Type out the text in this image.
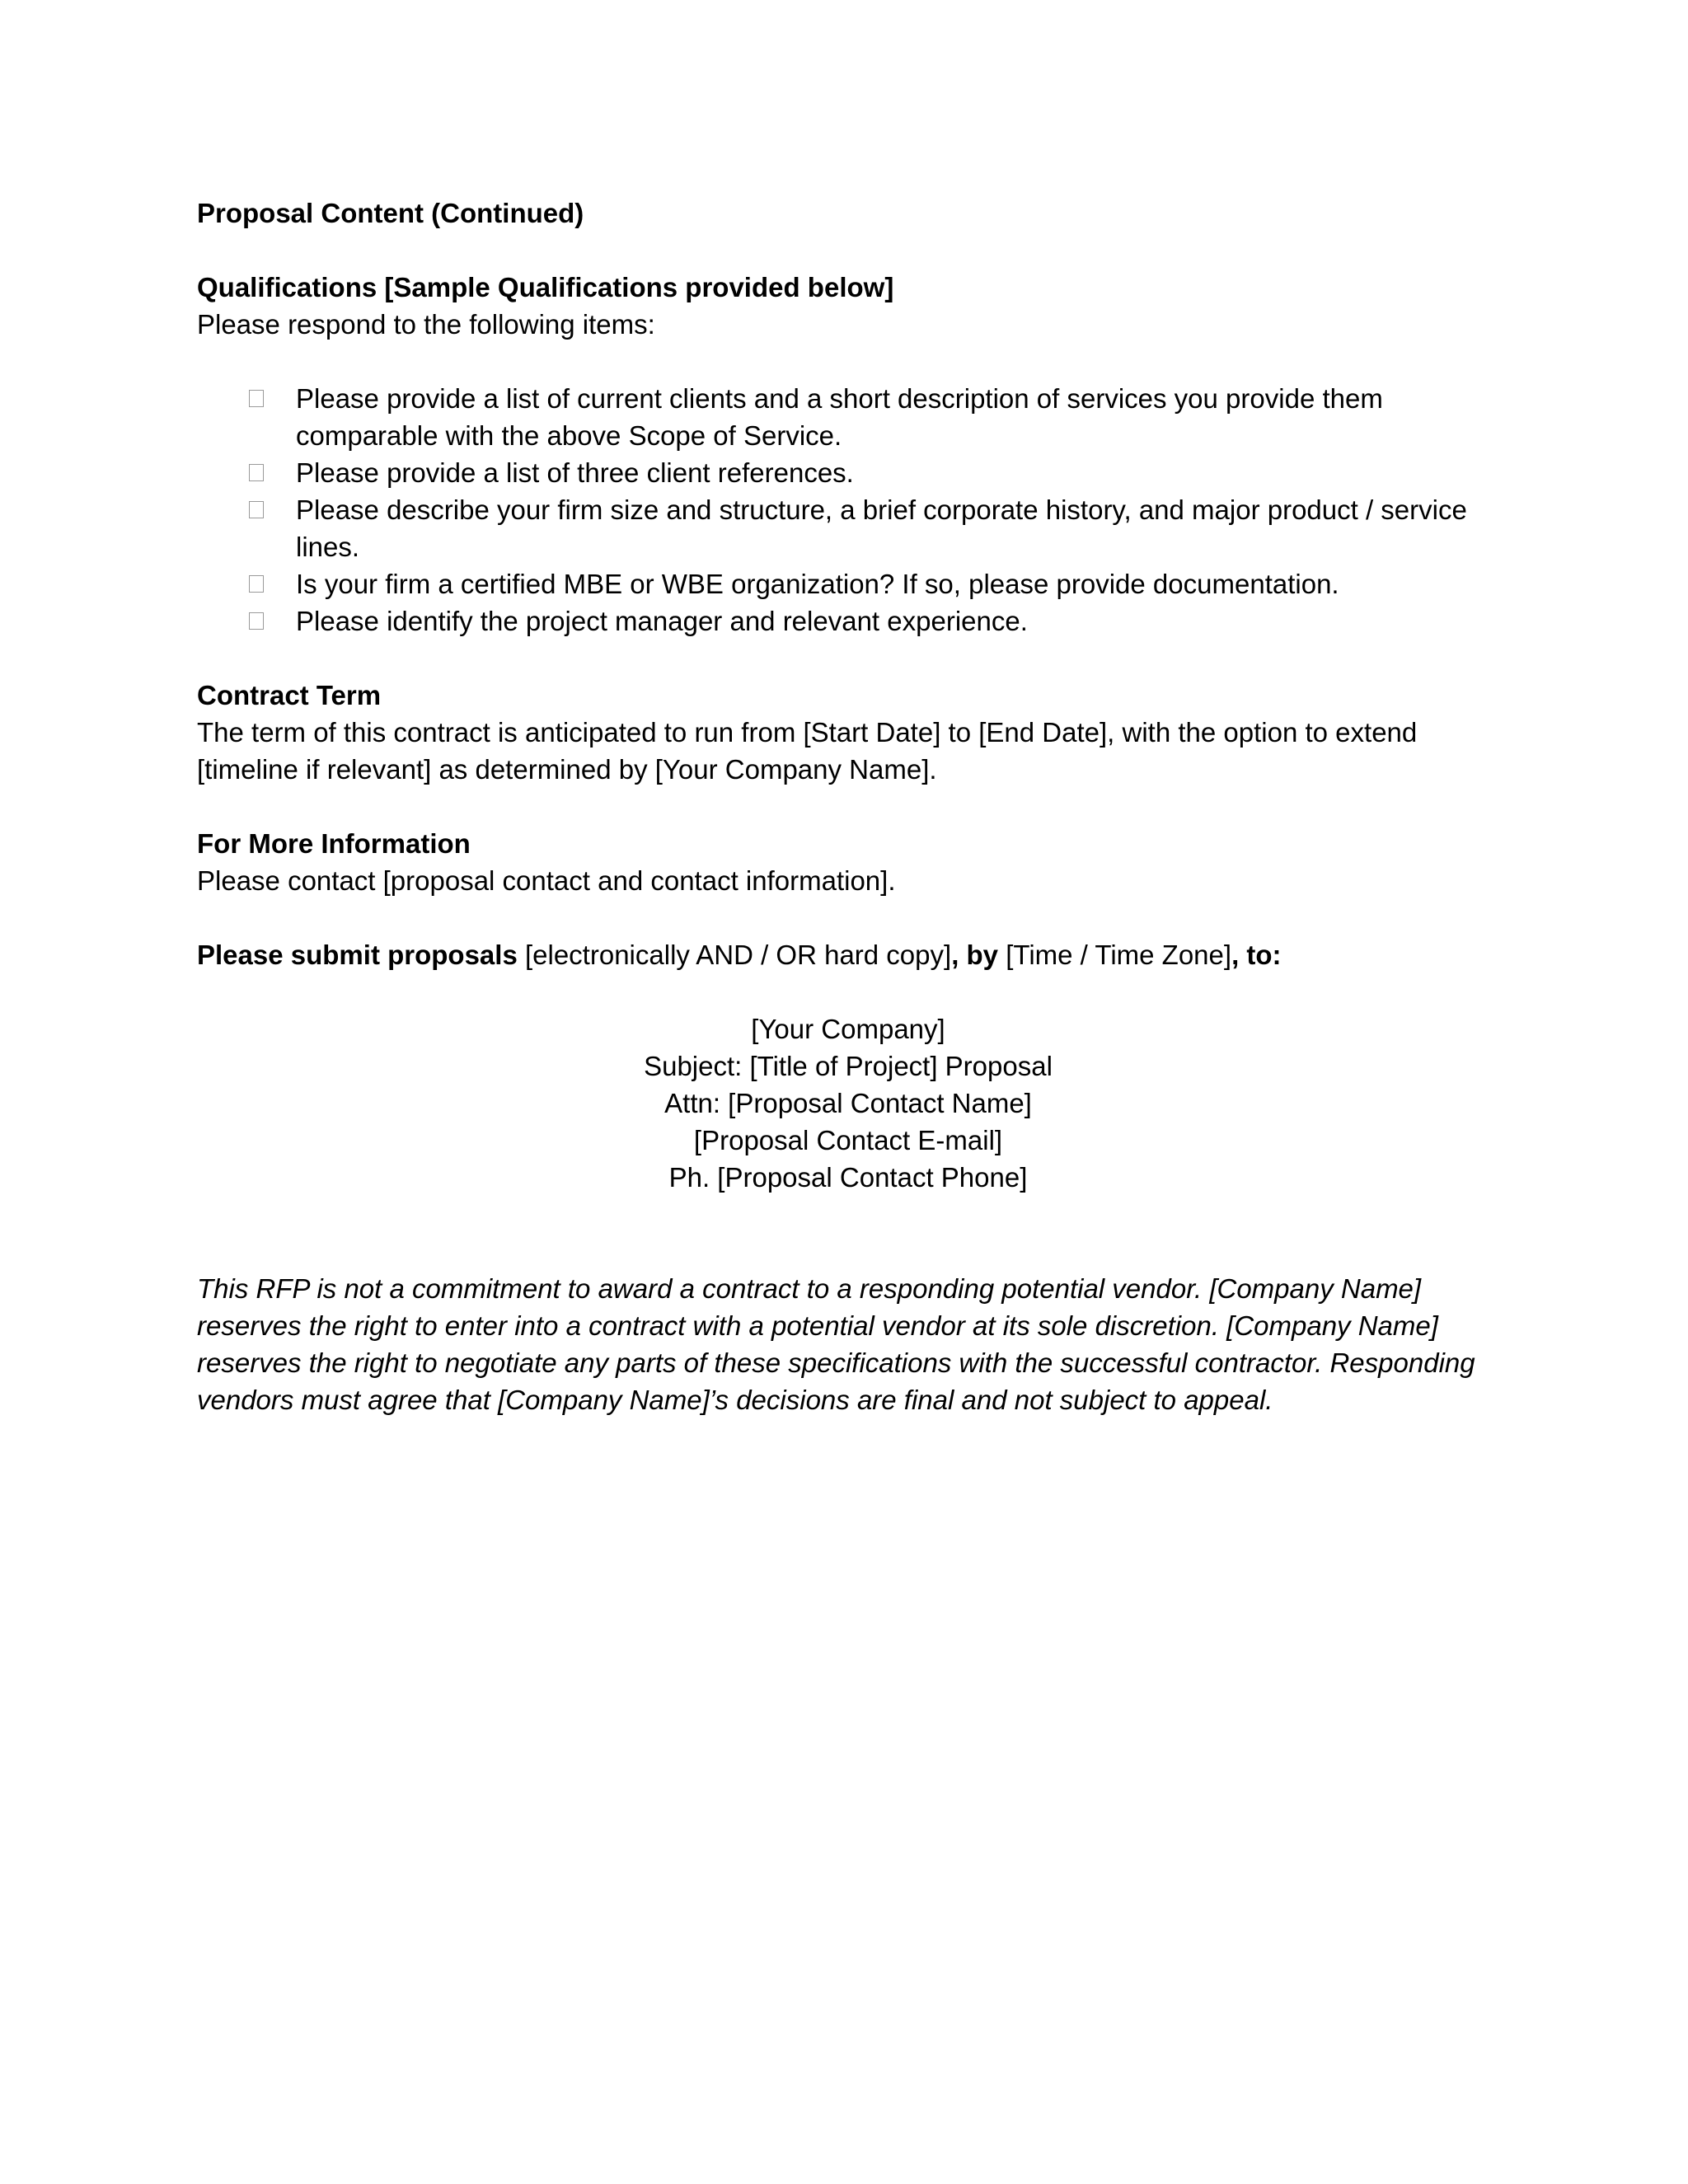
Proposal Content (Continued)

Qualifications [Sample Qualifications provided below]

Please respond to the following items:

Please provide a list of current clients and a short description of services you provide them comparable with the above Scope of Service.
Please provide a list of three client references.
Please describe your firm size and structure, a brief corporate history, and major product / service lines.
Is your firm a certified MBE or WBE organization? If so, please provide documentation.
Please identify the project manager and relevant experience.

Contract Term

The term of this contract is anticipated to run from [Start Date] to [End Date], with the option to extend [timeline if relevant] as determined by [Your Company Name].

For More Information

Please contact [proposal contact and contact information].

Please submit proposals [electronically AND / OR hard copy], by [Time / Time Zone], to:

[Your Company]
Subject: [Title of Project] Proposal
Attn: [Proposal Contact Name]
[Proposal Contact E-mail]
Ph. [Proposal Contact Phone]

This RFP is not a commitment to award a contract to a responding potential vendor. [Company Name] reserves the right to enter into a contract with a potential vendor at its sole discretion. [Company Name] reserves the right to negotiate any parts of these specifications with the successful contractor. Responding vendors must agree that [Company Name]’s decisions are final and not subject to appeal.
